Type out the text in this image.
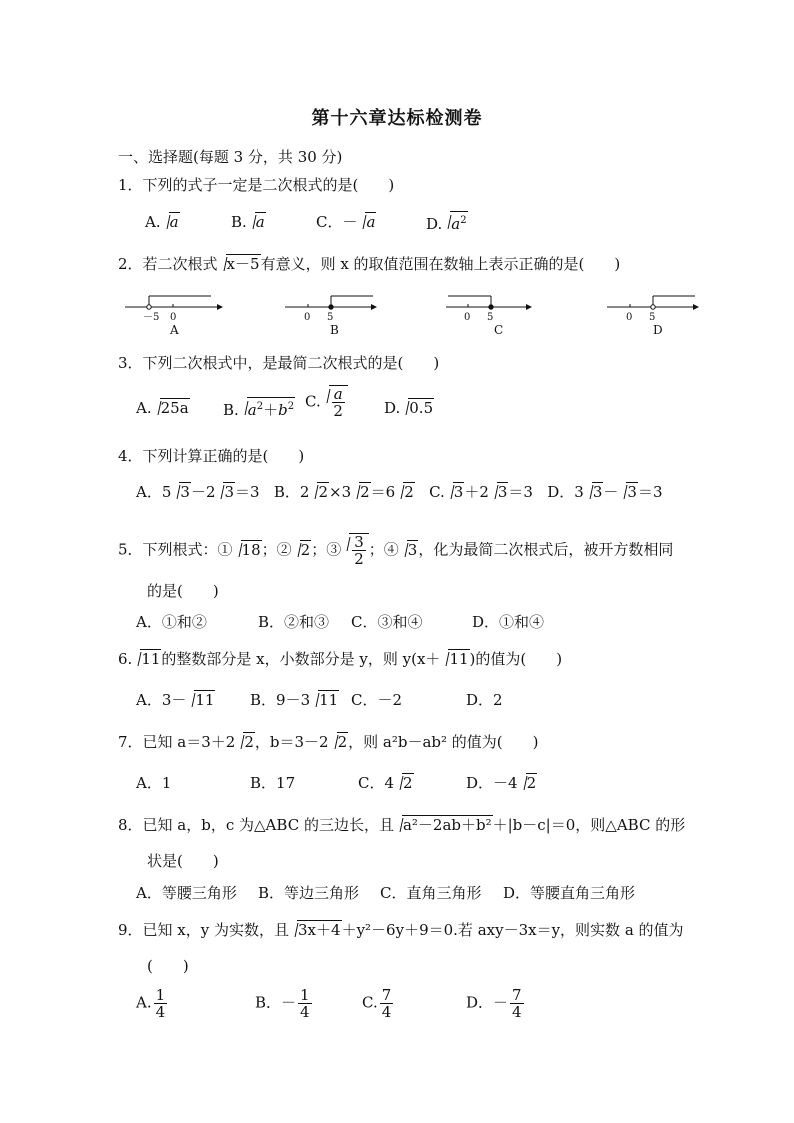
第十六章达标检测卷
一、选择题(每题 3 分，共 30 分)
1．下列的式子一定是二次根式的是(　　)
A. a	B. a	C．－ a	D. $a^2$
2．若二次根式 x－5有意义，则 x 的取值范围在数轴上表示正确的是(　　)
－5 0
A
0 5
B
0 5
C
0 5
D
3．下列二次根式中，是最简二次根式的是(　　)
A. 25a B. $a^2+b^2$ C. $\frac{a}{2}$	D. 0.5
4．下列计算正确的是(　　)
A．5 3－2 3＝3   B．2 2×3 2＝6 2   C. 3＋2 3＝3   D．3 3－ 3＝3
5．下列根式：① 18；② 2；③ $\frac{3}{2}$ ；④ 3，化为最简二次根式后，被开方数相同
的是(　　)
A．①和②	B．②和③ C．③和④	D．①和④
6. 11的整数部分是 x，小数部分是 y，则 y(x＋ 11)的值为(　　)
A．3－ 11 B．9－3 11 C．－2	D．2
7．已知 a＝3＋2 2，b＝3－2 2，则 a²b－ab² 的值为(　　)
A．1	B．17	C．4 2	D．－4 2
8．已知 a，b，c 为△ABC 的三边长，且 a²－2ab＋b²＋|b－c|＝0，则△ABC 的形
状是(　　)
A．等腰三角形 B．等边三角形 C．直角三角形 D．等腰直角三角形
9．已知 x，y 为实数，且 3x＋4＋y²－6y＋9＝0.若 axy－3x＝y，则实数 a 的值为
(　　)
A. $\frac{1}{4}$	B．－ $\frac{1}{4}$	C. $\frac{7}{4}$	D．－ $\frac{7}{4}$
